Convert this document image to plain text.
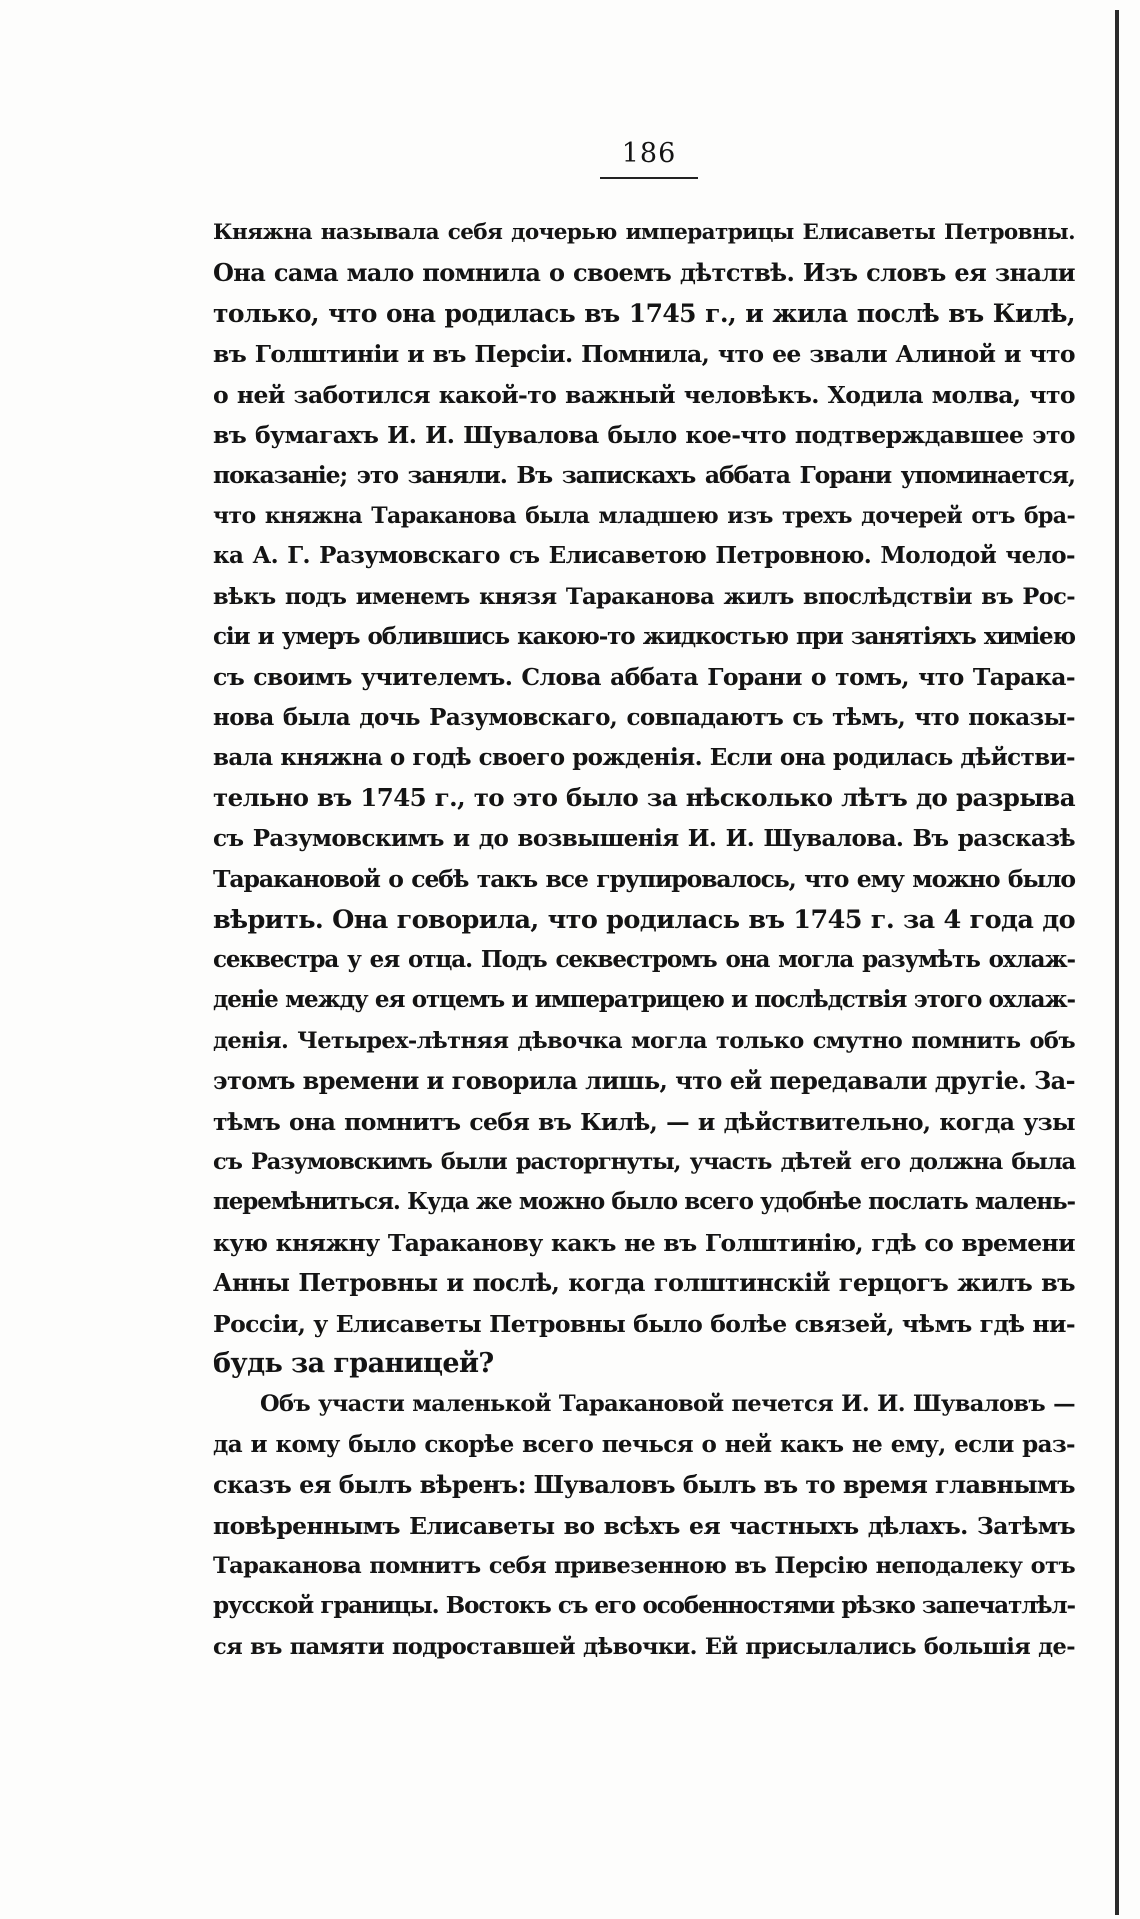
186

Княжна называла себя дочерью императрицы Елисаветы Петровны.
Она сама мало помнила о своемъ дѣтствѣ. Изъ словъ ея знали
только, что она родилась въ 1745 г., и жила послѣ въ Килѣ,
въ Голштиніи и въ Персіи. Помнила, что ее звали Алиной и что
о ней заботился какой-то важный человѣкъ. Ходила молва, что
въ бумагахъ И. И. Шувалова было кое-что подтверждавшее это
показаніе; это заняли. Въ запискахъ аббата Горани упоминается,
что княжна Тараканова была младшею изъ трехъ дочерей отъ бра-
ка А. Г. Разумовскаго съ Елисаветою Петровною. Молодой чело-
вѣкъ подъ именемъ князя Тараканова жилъ впослѣдствіи въ Рос-
сіи и умеръ облившись какою-то жидкостью при занятіяхъ химіею
съ своимъ учителемъ. Слова аббата Горани о томъ, что Тарака-
нова была дочь Разумовскаго, совпадаютъ съ тѣмъ, что показы-
вала княжна о годѣ своего рожденія. Если она родилась дѣйстви-
тельно въ 1745 г., то это было за нѣсколько лѣтъ до разрыва
съ Разумовскимъ и до возвышенія И. И. Шувалова. Въ разсказѣ
Таракановой о себѣ такъ все групировалось, что ему можно было
вѣрить. Она говорила, что родилась въ 1745 г. за 4 года до
секвестра у ея отца. Подъ секвестромъ она могла разумѣть охлаж-
деніе между ея отцемъ и императрицею и послѣдствія этого охлаж-
денія. Четырех-лѣтняя дѣвочка могла только смутно помнить объ
этомъ времени и говорила лишь, что ей передавали другіе. За-
тѣмъ она помнитъ себя въ Килѣ, — и дѣйствительно, когда узы
съ Разумовскимъ были расторгнуты, участь дѣтей его должна была
перемѣниться. Куда же можно было всего удобнѣе послать малень-
кую княжну Тараканову какъ не въ Голштинію, гдѣ со времени
Анны Петровны и послѣ, когда голштинскій герцогъ жилъ въ
Россіи, у Елисаветы Петровны было болѣе связей, чѣмъ гдѣ ни-
будь за границей?

Объ участи маленькой Таракановой печется И. И. Шуваловъ —
да и кому было скорѣе всего печься о ней какъ не ему, если раз-
сказъ ея былъ вѣренъ: Шуваловъ былъ въ то время главнымъ
повѣреннымъ Елисаветы во всѣхъ ея частныхъ дѣлахъ. Затѣмъ
Тараканова помнитъ себя привезенною въ Персію неподалеку отъ
русской границы. Востокъ съ его особенностями рѣзко запечатлѣл-
ся въ памяти подроставшей дѣвочки. Ей присылались большія де-
